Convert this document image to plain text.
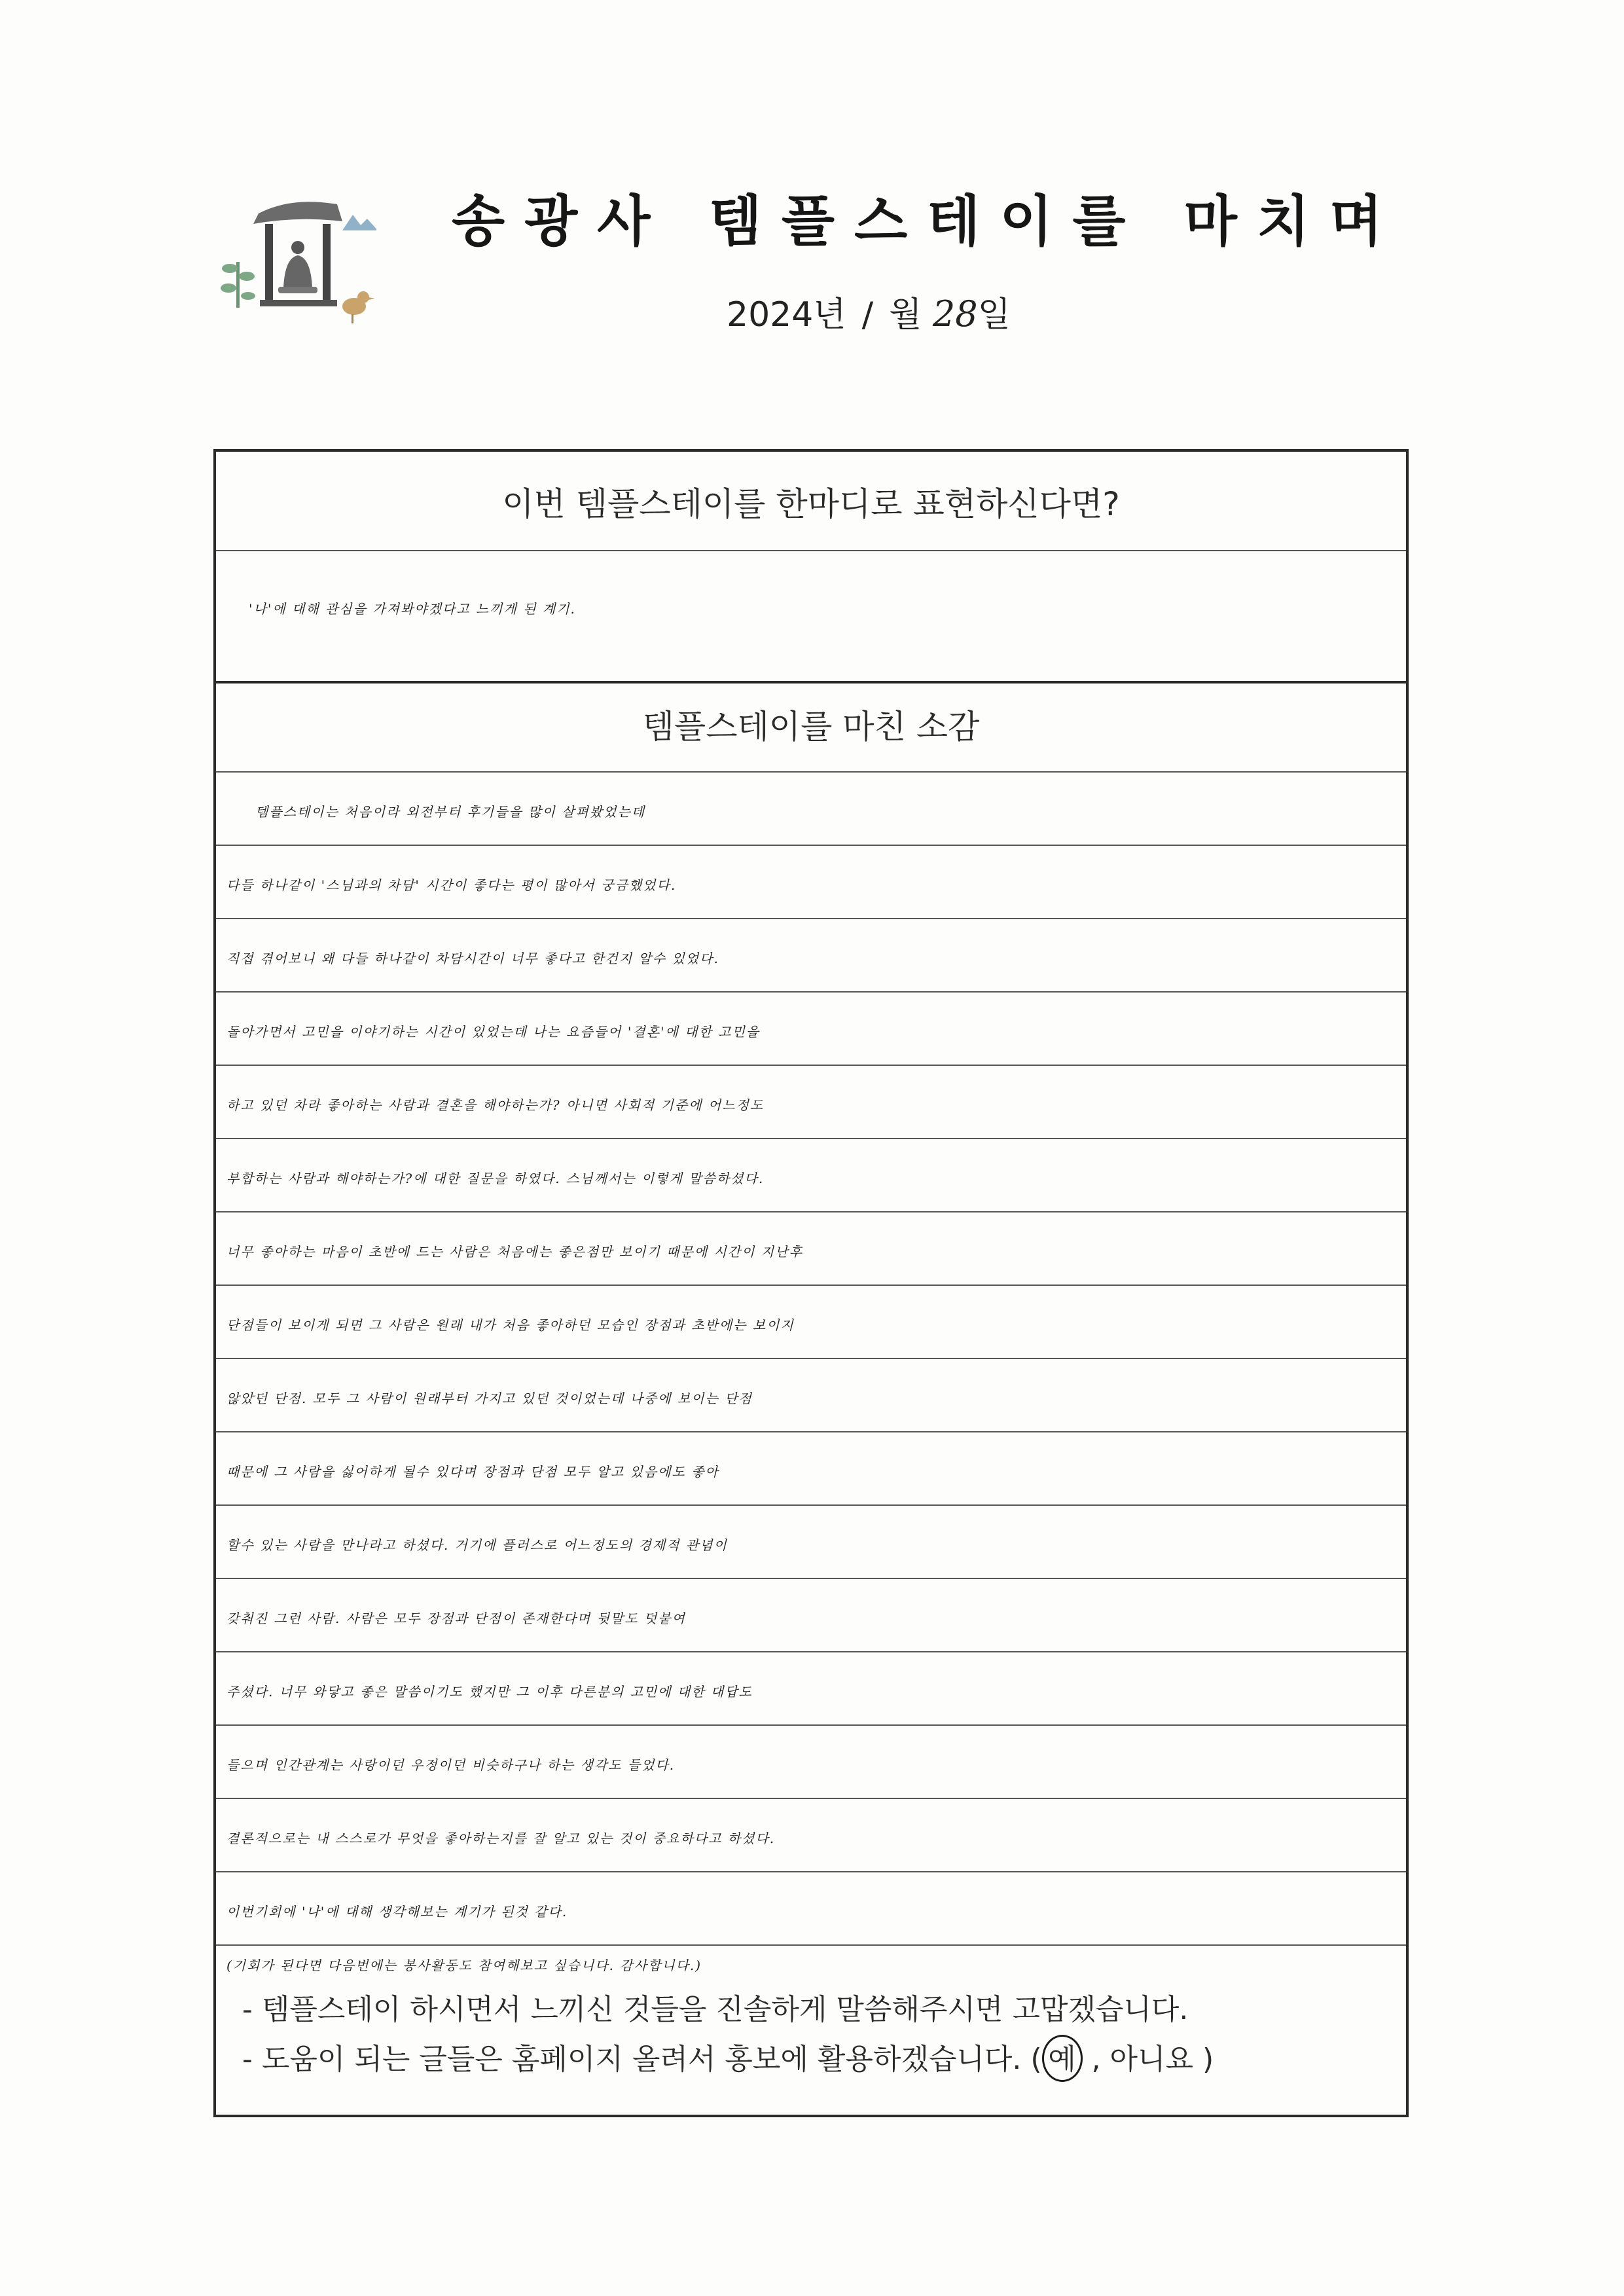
송광사 템플스테이를 마치며
2024년 / 월 28일
이번 템플스테이를 한마디로 표현하신다면?
'나'에 대해 관심을 가져봐야겠다고 느끼게 된 계기.
템플스테이를 마친 소감
템플스테이는 처음이라 외전부터 후기들을 많이 살펴봤었는데
다들 하나같이 '스님과의 차담' 시간이 좋다는 평이 많아서 궁금했었다.
직접 겪어보니 왜 다들 하나같이 차담시간이 너무 좋다고 한건지 알수 있었다.
돌아가면서 고민을 이야기하는 시간이 있었는데 나는 요즘들어 '결혼'에 대한 고민을
하고 있던 차라 좋아하는 사람과 결혼을 해야하는가? 아니면 사회적 기준에 어느정도
부합하는 사람과 해야하는가?에 대한 질문을 하였다. 스님께서는 이렇게 말씀하셨다.
너무 좋아하는 마음이 초반에 드는 사람은 처음에는 좋은점만 보이기 때문에 시간이 지난후
단점들이 보이게 되면 그 사람은 원래 내가 처음 좋아하던 모습인 장점과 초반에는 보이지
않았던 단점. 모두 그 사람이 원래부터 가지고 있던 것이었는데 나중에 보이는 단점
때문에 그 사람을 싫어하게 될수 있다며 장점과 단점 모두 알고 있음에도 좋아
할수 있는 사람을 만나라고 하셨다. 거기에 플러스로 어느정도의 경제적 관념이
갖춰진 그런 사람. 사람은 모두 장점과 단점이 존재한다며 뒷말도 덧붙여
주셨다. 너무 와닿고 좋은 말씀이기도 했지만 그 이후 다른분의 고민에 대한 대답도
들으며 인간관계는 사랑이던 우정이던 비슷하구나 하는 생각도 들었다.
결론적으로는 내 스스로가 무엇을 좋아하는지를 잘 알고 있는 것이 중요하다고 하셨다.
이번기회에 '나'에 대해 생각해보는 계기가 된것 같다.
(기회가 된다면 다음번에는 봉사활동도 참여해보고 싶습니다. 감사합니다.)
- 템플스테이 하시면서 느끼신 것들을 진솔하게 말씀해주시면 고맙겠습니다.
- 도움이 되는 글들은 홈페이지 올려서 홍보에 활용하겠습니다. ( 예 , 아니요 )
